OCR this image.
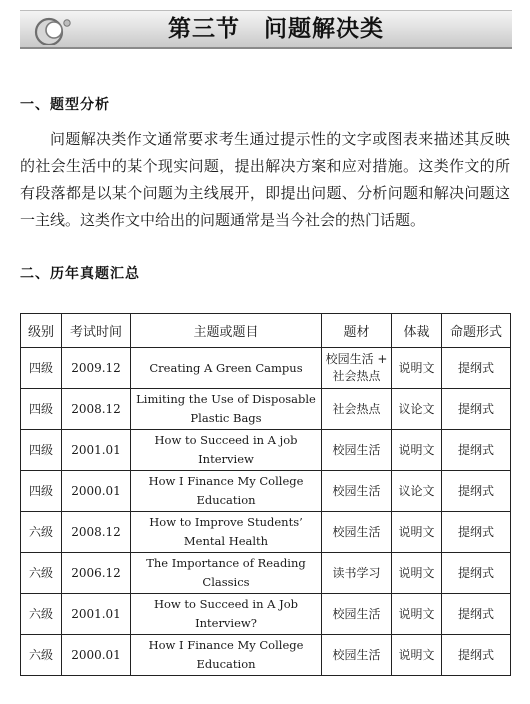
第三节　问题解决类
一、题型分析
问题解决类作文通常要求考生通过提示性的文字或图表来描述其反映的社会生活中的某个现实问题，提出解决方案和应对措施。这类作文的所有段落都是以某个问题为主线展开，即提出问题、分析问题和解决问题这一主线。这类作文中给出的问题通常是当今社会的热门话题。
二、历年真题汇总
级别	考试时间	主题或题目	题材	体裁	命题形式
四级	2009.12	Creating A Green Campus	校园生活 + 社会热点	说明文	提纲式
四级	2008.12	Limiting the Use of Disposable Plastic Bags	社会热点	议论文	提纲式
四级	2001.01	How to Succeed in A job Interview	校园生活	说明文	提纲式
四级	2000.01	How I Finance My College Education	校园生活	议论文	提纲式
六级	2008.12	How to Improve Students’ Mental Health	校园生活	说明文	提纲式
六级	2006.12	The Importance of Reading Classics	读书学习	说明文	提纲式
六级	2001.01	How to Succeed in A Job Interview?	校园生活	说明文	提纲式
六级	2000.01	How I Finance My College Education	校园生活	说明文	提纲式
